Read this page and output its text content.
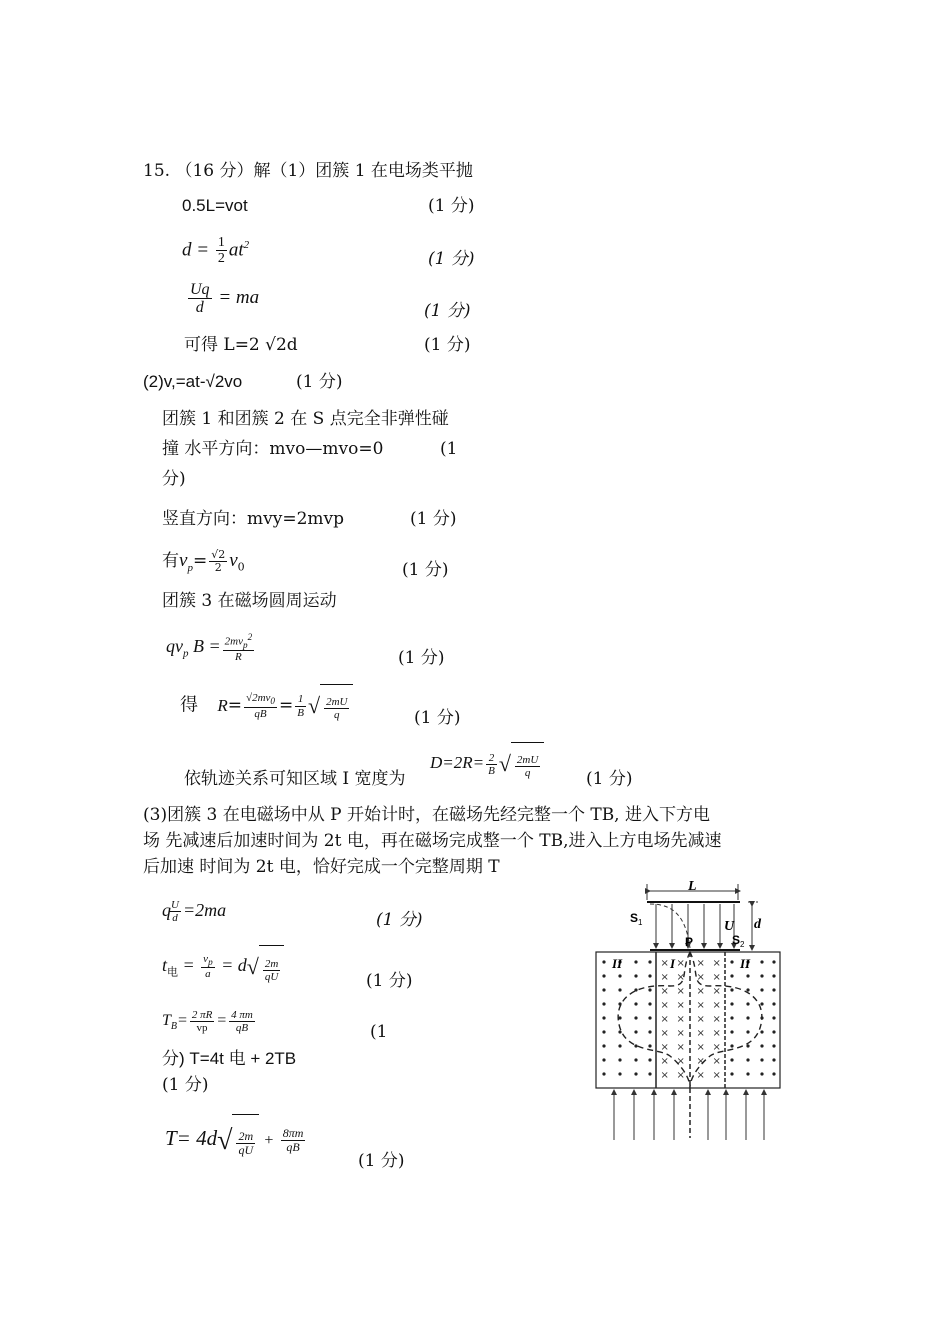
15. （16 分）解（1）团簇 1 在电场类平抛
0.5L=vot	(1 分)
$d = \frac{1}{2} at^2$
(1 分)
$\frac{Uq}{d}$ = ma
(1 分)
可得 L=2 √2d	(1 分)
(2)v,=at-√2vo	(1 分)
团簇 1 和团簇 2 在 S 点完全非弹性碰
撞 水平方向：mvo—mvo=0	(1
分)
竖直方向：mvy=2mvp	(1 分)
有$v_p= \frac{√2}{2} v_0$	(1 分)
团簇 3 在磁场圆周运动
$qv_p$ $B = \frac{2mv_p^2}{R}$	(1 分)
得 $R= \frac{√2mv_0}{qB} = \frac{1}{B}$ √ $\frac{2mU}{q}$	(1 分)
依轨迹关系可知区域 I 宽度为
$D=2R= \frac{2}{B}$ √ $\frac{2mU}{q}$
(1 分)
(3)团簇 3 在电磁场中从 P 开始计时，在磁场先经完整一个 TB, 进入下方电
场 先减速后加速时间为 2t 电，再在磁场完成整一个 TB,进入上方电场先减速
后加速 时间为 2t 电，恰好完成一个完整周期 T
q
$\frac{U}{d} =2ma$	(1 分)
$t_电 = \frac{v_p}{a} = d√ \frac{2m}{qU}$	(1 分)
$T_B= \frac{2 \pi R}{vp} = \frac{4 \pi m}{qB}$	(1
分) T=4t 电 + 2TB
(1 分)
$T= 4d√ \frac{2m}{qU} + \frac{8\pi m}{qB}$
(1 分)
L
d
U
S 1
S 2
P
× × × ×
× × × ×
× × × ×
× × × ×
× × × ×
× × × ×
× × × ×
× × × ×
× × × ×
II	I	II
